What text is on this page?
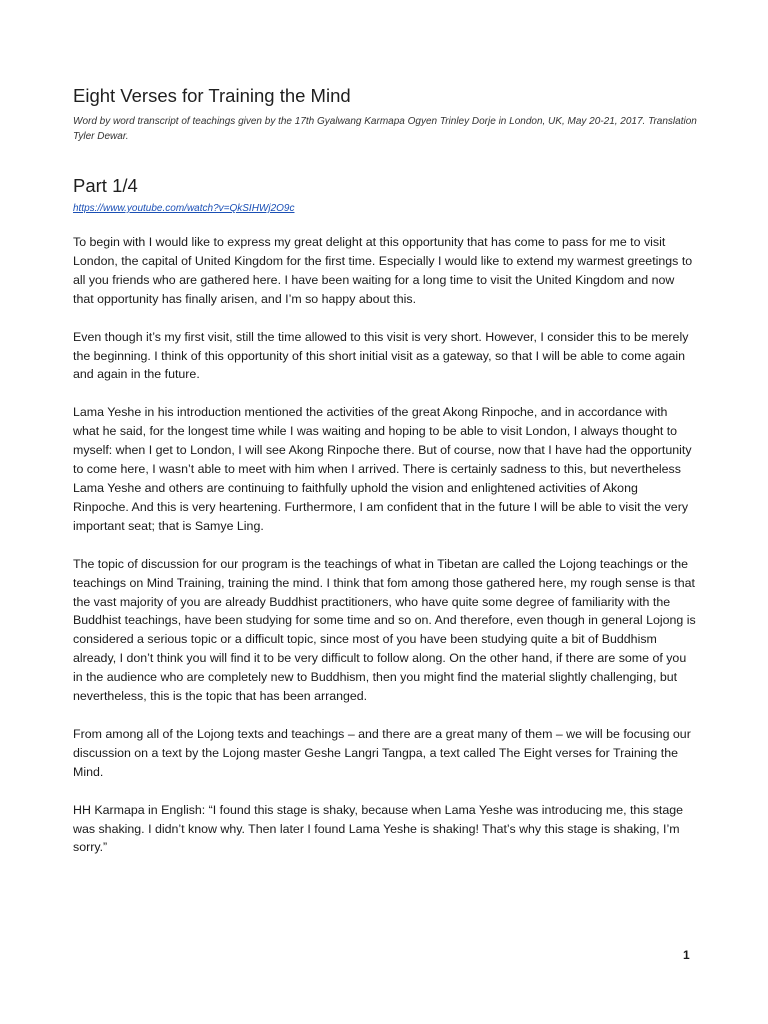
Eight Verses for Training the Mind

Word by word transcript of teachings given by the 17th Gyalwang Karmapa Ogyen Trinley Dorje in London, UK, May 20-21, 2017. Translation Tyler Dewar.

Part 1/4
https://www.youtube.com/watch?v=QkSIHWj2O9c

To begin with I would like to express my great delight at this opportunity that has come to pass for me to visit London, the capital of United Kingdom for the first time. Especially I would like to extend my warmest greetings to all you friends who are gathered here. I have been waiting for a long time to visit the United Kingdom and now that opportunity has finally arisen, and I’m so happy about this.

Even though it’s my first visit, still the time allowed to this visit is very short. However, I consider this to be merely the beginning. I think of this opportunity of this short initial visit as a gateway, so that I will be able to come again and again in the future.

Lama Yeshe in his introduction mentioned the activities of the great Akong Rinpoche, and in accordance with what he said, for the longest time while I was waiting and hoping to be able to visit London, I always thought to myself: when I get to London, I will see Akong Rinpoche there. But of course, now that I have had the opportunity to come here, I wasn’t able to meet with him when I arrived. There is certainly sadness to this, but nevertheless Lama Yeshe and others are continuing to faithfully uphold the vision and enlightened activities of Akong Rinpoche. And this is very heartening. Furthermore, I am confident that in the future I will be able to visit the very important seat; that is Samye Ling.

The topic of discussion for our program is the teachings of what in Tibetan are called the Lojong teachings or the teachings on Mind Training, training the mind. I think that fom among those gathered here, my rough sense is that the vast majority of you are already Buddhist practitioners, who have quite some degree of familiarity with the Buddhist teachings, have been studying for some time and so on. And therefore, even though in general Lojong is considered a serious topic or a difficult topic, since most of you have been studying quite a bit of Buddhism already, I don’t think you will find it to be very difficult to follow along. On the other hand, if there are some of you in the audience who are completely new to Buddhism, then you might find the material slightly challenging, but nevertheless, this is the topic that has been arranged.

From among all of the Lojong texts and teachings – and there are a great many of them – we will be focusing our discussion on a text by the Lojong master Geshe Langri Tangpa, a text called The Eight verses for Training the Mind.

HH Karmapa in English: “I found this stage is shaky, because when Lama Yeshe was introducing me, this stage was shaking. I didn’t know why. Then later I found Lama Yeshe is shaking! That’s why this stage is shaking, I’m sorry.”

1
